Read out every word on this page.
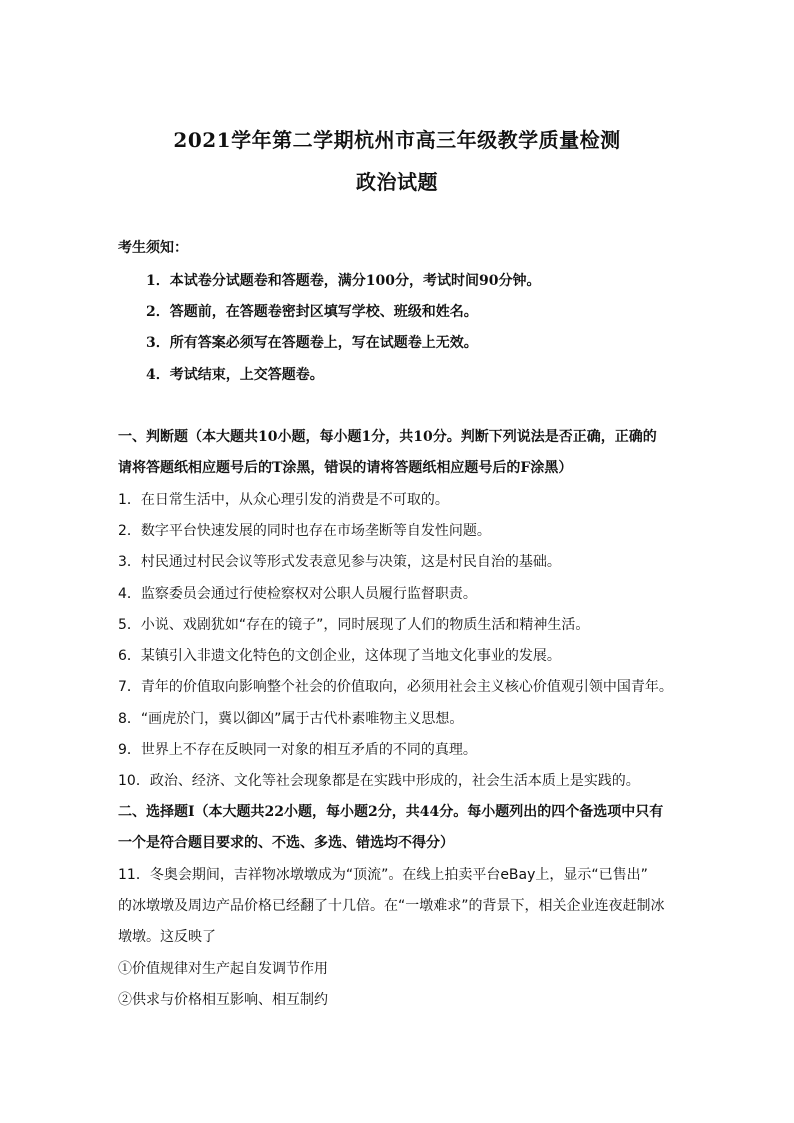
2021学年第二学期杭州市高三年级教学质量检测
政治试题
考生须知：
1．本试卷分试题卷和答题卷，满分100分，考试时间90分钟。
2．答题前，在答题卷密封区填写学校、班级和姓名。
3．所有答案必须写在答题卷上，写在试题卷上无效。
4．考试结束，上交答题卷。
一、判断题（本大题共10小题，每小题1分，共10分。判断下列说法是否正确，正确的
请将答题纸相应题号后的T涂黑，错误的请将答题纸相应题号后的F涂黑）
1．在日常生活中，从众心理引发的消费是不可取的。
2．数字平台快速发展的同时也存在市场垄断等自发性问题。
3．村民通过村民会议等形式发表意见参与决策，这是村民自治的基础。
4．监察委员会通过行使检察权对公职人员履行监督职责。
5．小说、戏剧犹如“存在的镜子”，同时展现了人们的物质生活和精神生活。
6．某镇引入非遗文化特色的文创企业，这体现了当地文化事业的发展。
7．青年的价值取向影响整个社会的价值取向，必须用社会主义核心价值观引领中国青年。
8．“画虎於门，冀以御凶”属于古代朴素唯物主义思想。
9．世界上不存在反映同一对象的相互矛盾的不同的真理。
10．政治、经济、文化等社会现象都是在实践中形成的，社会生活本质上是实践的。
二、选择题Ⅰ（本大题共22小题，每小题2分，共44分。每小题列出的四个备选项中只有
一个是符合题目要求的、不选、多选、错选均不得分）
11．冬奥会期间，吉祥物冰墩墩成为“顶流”。在线上拍卖平台eBay上，显示“已售出”
的冰墩墩及周边产品价格已经翻了十几倍。在“一墩难求”的背景下，相关企业连夜赶制冰
墩墩。这反映了
①价值规律对生产起自发调节作用
②供求与价格相互影响、相互制约
